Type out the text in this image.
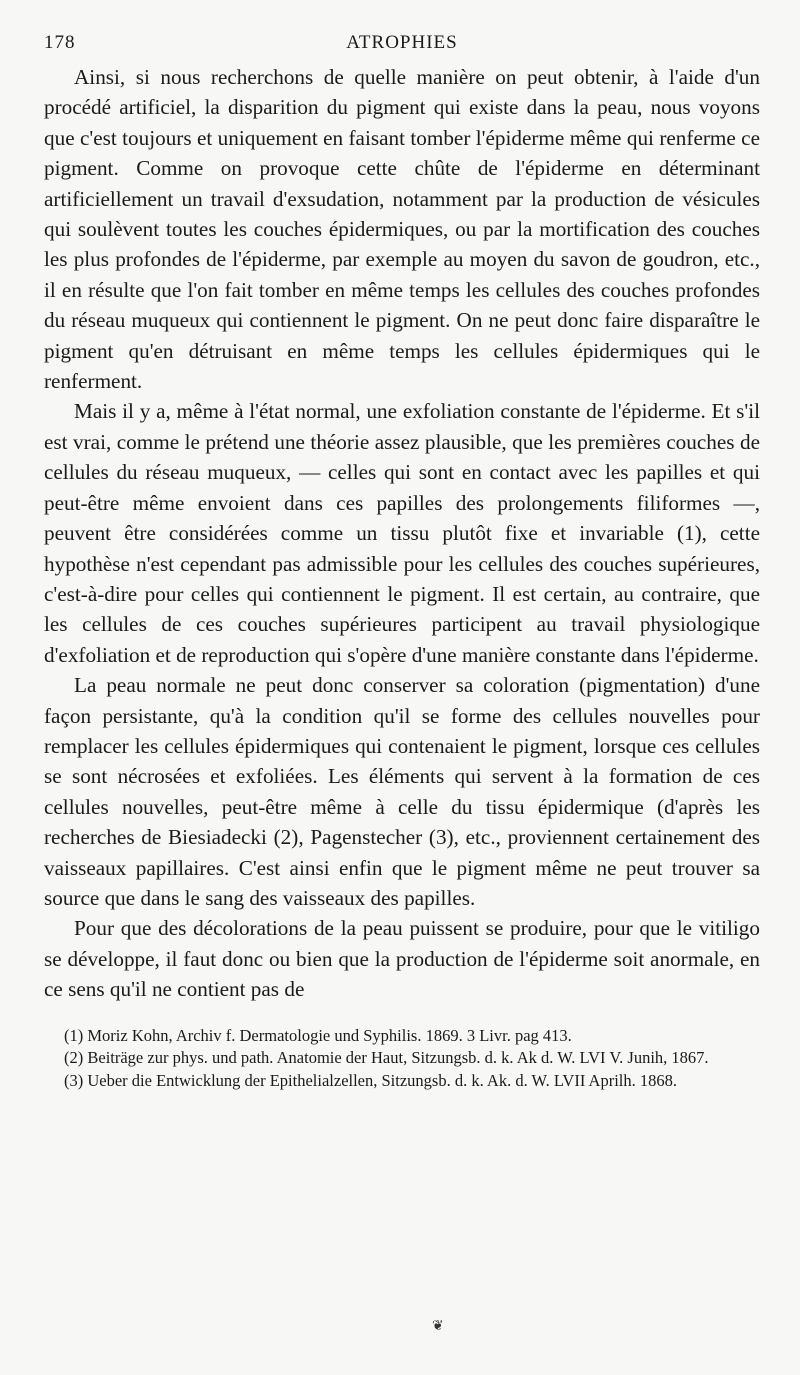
178	ATROPHIES

Ainsi, si nous recherchons de quelle manière on peut obtenir, à l'aide d'un procédé artificiel, la disparition du pigment qui existe dans la peau, nous voyons que c'est toujours et uniquement en faisant tomber l'épiderme même qui renferme ce pigment. Comme on provoque cette chûte de l'épiderme en déterminant artificiellement un travail d'exsudation, notamment par la production de vésicules qui soulèvent toutes les couches épidermiques, ou par la mortification des couches les plus profondes de l'épiderme, par exemple au moyen du savon de goudron, etc., il en résulte que l'on fait tomber en même temps les cellules des couches profondes du réseau muqueux qui contiennent le pigment. On ne peut donc faire disparaître le pigment qu'en détruisant en même temps les cellules épidermiques qui le renferment.

Mais il y a, même à l'état normal, une exfoliation constante de l'épiderme. Et s'il est vrai, comme le prétend une théorie assez plausible, que les premières couches de cellules du réseau muqueux, — celles qui sont en contact avec les papilles et qui peut-être même envoient dans ces papilles des prolongements filiformes —, peuvent être considérées comme un tissu plutôt fixe et invariable (1), cette hypothèse n'est cependant pas admissible pour les cellules des couches supérieures, c'est-à-dire pour celles qui contiennent le pigment. Il est certain, au contraire, que les cellules de ces couches supérieures participent au travail physiologique d'exfoliation et de reproduction qui s'opère d'une manière constante dans l'épiderme.

La peau normale ne peut donc conserver sa coloration (pigmentation) d'une façon persistante, qu'à la condition qu'il se forme des cellules nouvelles pour remplacer les cellules épidermiques qui contenaient le pigment, lorsque ces cellules se sont nécrosées et exfoliées. Les éléments qui servent à la formation de ces cellules nouvelles, peut-être même à celle du tissu épidermique (d'après les recherches de Biesiadecki (2), Pagenstecher (3), etc., proviennent certainement des vaisseaux papillaires. C'est ainsi enfin que le pigment même ne peut trouver sa source que dans le sang des vaisseaux des papilles.

Pour que des décolorations de la peau puissent se produire, pour que le vitiligo se développe, il faut donc ou bien que la production de l'épiderme soit anormale, en ce sens qu'il ne contient pas de

(1) Moriz Kohn, Archiv f. Dermatologie und Syphilis. 1869. 3 Livr. pag 413.

(2) Beiträge zur phys. und path. Anatomie der Haut, Sitzungsb. d. k. Ak d. W. LVI V. Junih, 1867.

(3) Ueber die Entwicklung der Epithelialzellen, Sitzungsb. d. k. Ak. d. W. LVII Aprilh. 1868.

❦
